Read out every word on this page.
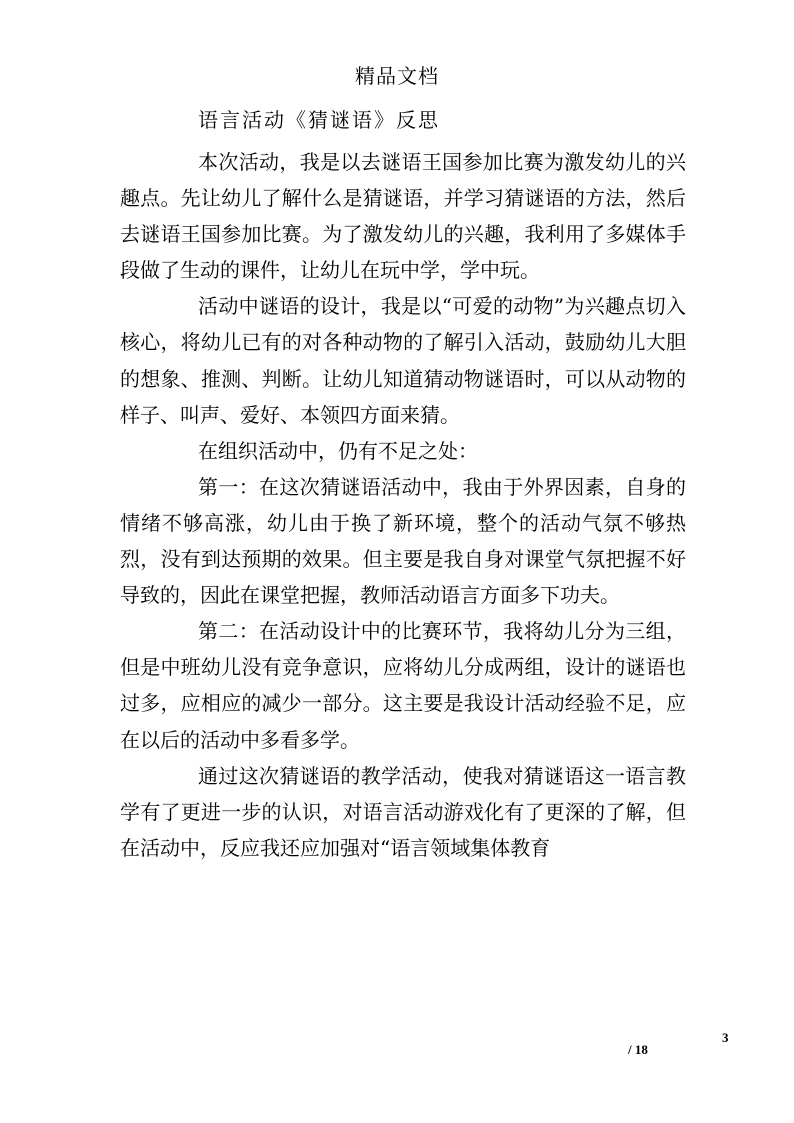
精品文档
语言活动《猜谜语》反思

本次活动，我是以去谜语王国参加比赛为激发幼儿的兴趣点。先让幼儿了解什么是猜谜语，并学习猜谜语的方法，然后去谜语王国参加比赛。为了激发幼儿的兴趣，我利用了多媒体手段做了生动的课件，让幼儿在玩中学，学中玩。

活动中谜语的设计，我是以“可爱的动物”为兴趣点切入核心，将幼儿已有的对各种动物的了解引入活动，鼓励幼儿大胆的想象、推测、判断。让幼儿知道猜动物谜语时，可以从动物的样子、叫声、爱好、本领四方面来猜。

在组织活动中，仍有不足之处：

第一：在这次猜谜语活动中，我由于外界因素，自身的情绪不够高涨，幼儿由于换了新环境，整个的活动气氛不够热烈，没有到达预期的效果。但主要是我自身对课堂气氛把握不好导致的，因此在课堂把握，教师活动语言方面多下功夫。

第二：在活动设计中的比赛环节，我将幼儿分为三组，但是中班幼儿没有竞争意识，应将幼儿分成两组，设计的谜语也过多，应相应的减少一部分。这主要是我设计活动经验不足，应在以后的活动中多看多学。

通过这次猜谜语的教学活动，使我对猜谜语这一语言教学有了更进一步的认识，对语言活动游戏化有了更深的了解，但在活动中，反应我还应加强对“语言领域集体教育

3
/ 18
